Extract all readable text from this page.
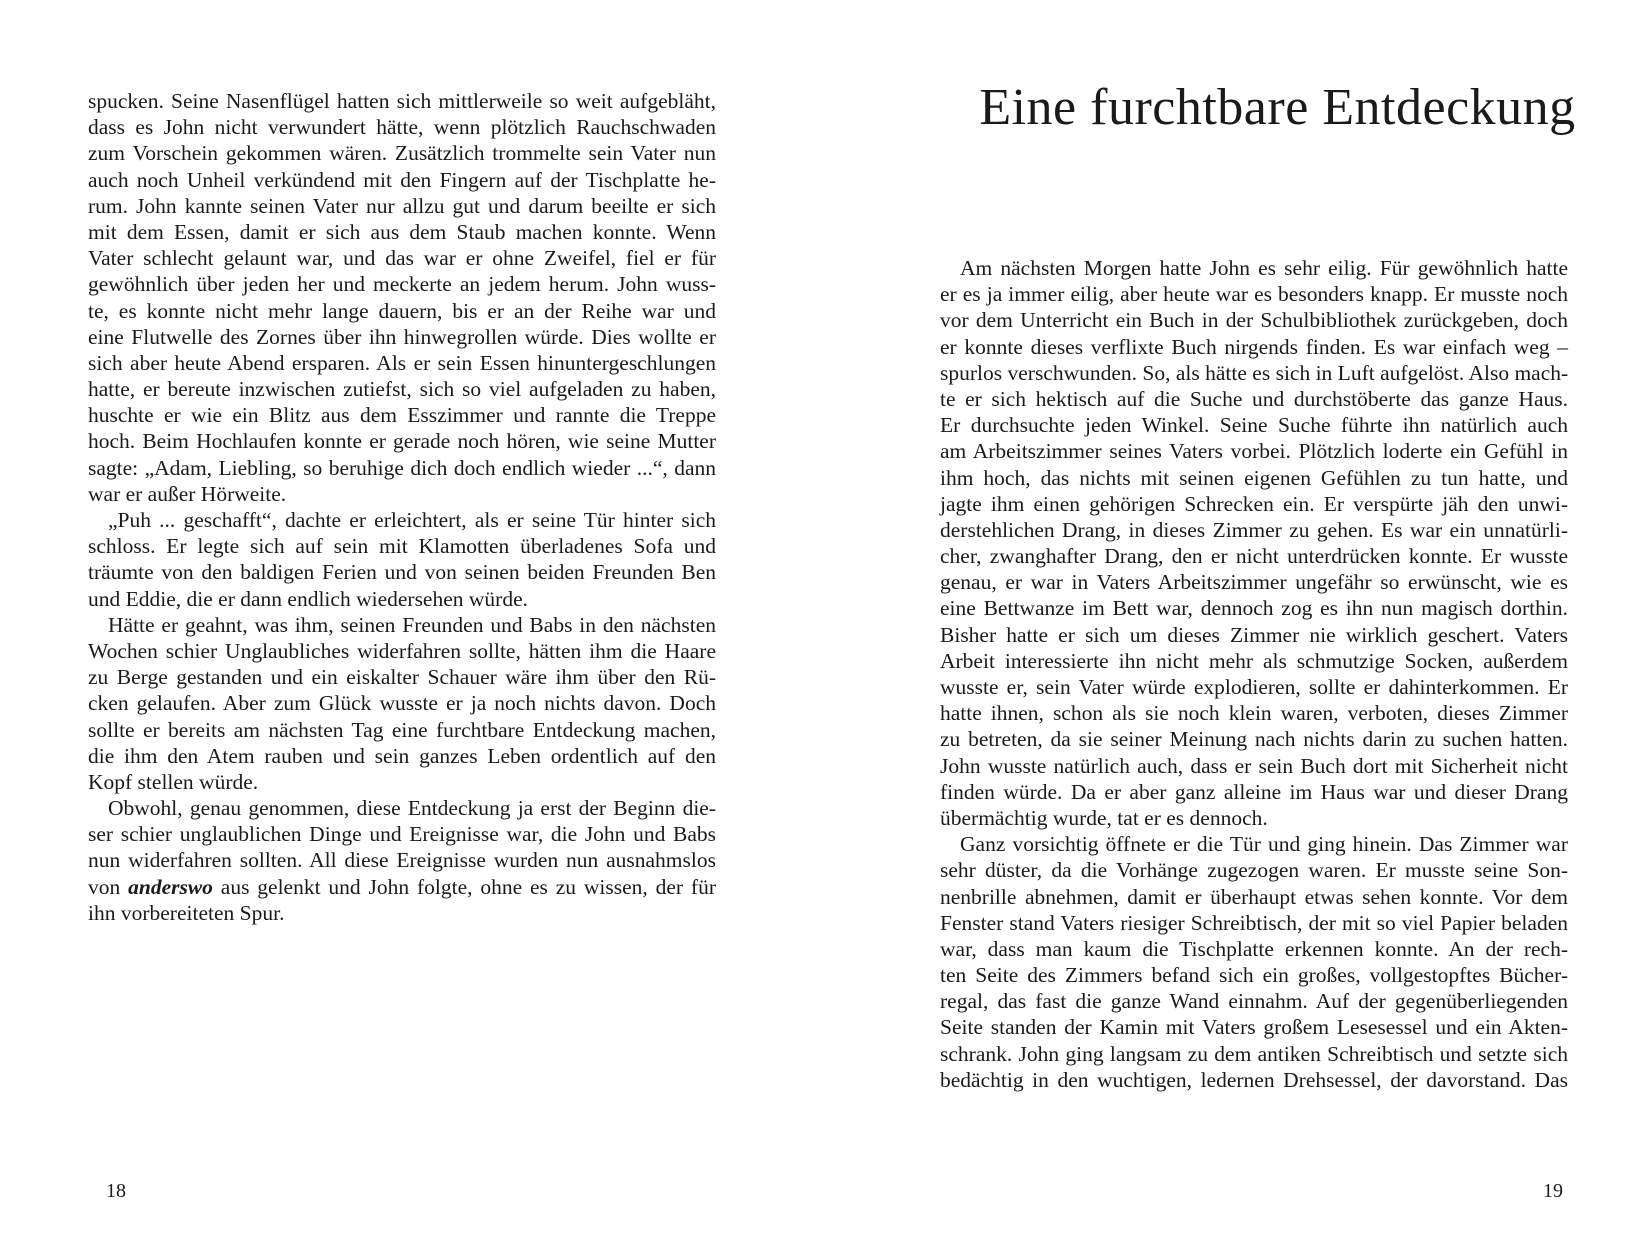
spucken. Seine Nasenflügel hatten sich mittlerweile so weit aufgebläht,
dass es John nicht verwundert hätte, wenn plötzlich Rauchschwaden
zum Vorschein gekommen wären. Zusätzlich trommelte sein Vater nun
auch noch Unheil verkündend mit den Fingern auf der Tischplatte he-
rum. John kannte seinen Vater nur allzu gut und darum beeilte er sich
mit dem Essen, damit er sich aus dem Staub machen konnte. Wenn
Vater schlecht gelaunt war, und das war er ohne Zweifel, fiel er für
gewöhnlich über jeden her und meckerte an jedem herum. John wuss-
te, es konnte nicht mehr lange dauern, bis er an der Reihe war und
eine Flutwelle des Zornes über ihn hinwegrollen würde. Dies wollte er
sich aber heute Abend ersparen. Als er sein Essen hinuntergeschlungen
hatte, er bereute inzwischen zutiefst, sich so viel aufgeladen zu haben,
huschte er wie ein Blitz aus dem Esszimmer und rannte die Treppe
hoch. Beim Hochlaufen konnte er gerade noch hören, wie seine Mutter
sagte: „Adam, Liebling, so beruhige dich doch endlich wieder ...“, dann
war er außer Hörweite.
„Puh ... geschafft“, dachte er erleichtert, als er seine Tür hinter sich
schloss. Er legte sich auf sein mit Klamotten überladenes Sofa und
träumte von den baldigen Ferien und von seinen beiden Freunden Ben
und Eddie, die er dann endlich wiedersehen würde.
Hätte er geahnt, was ihm, seinen Freunden und Babs in den nächsten
Wochen schier Unglaubliches widerfahren sollte, hätten ihm die Haare
zu Berge gestanden und ein eiskalter Schauer wäre ihm über den Rü-
cken gelaufen. Aber zum Glück wusste er ja noch nichts davon. Doch
sollte er bereits am nächsten Tag eine furchtbare Entdeckung machen,
die ihm den Atem rauben und sein ganzes Leben ordentlich auf den
Kopf stellen würde.
Obwohl, genau genommen, diese Entdeckung ja erst der Beginn die-
ser schier unglaublichen Dinge und Ereignisse war, die John und Babs
nun widerfahren sollten. All diese Ereignisse wurden nun ausnahmslos
von anderswo aus gelenkt und John folgte, ohne es zu wissen, der für
ihn vorbereiteten Spur.
18
Eine furchtbare Entdeckung
Am nächsten Morgen hatte John es sehr eilig. Für gewöhnlich hatte
er es ja immer eilig, aber heute war es besonders knapp. Er musste noch
vor dem Unterricht ein Buch in der Schulbibliothek zurückgeben, doch
er konnte dieses verflixte Buch nirgends finden. Es war einfach weg –
spurlos verschwunden. So, als hätte es sich in Luft aufgelöst. Also mach-
te er sich hektisch auf die Suche und durchstöberte das ganze Haus.
Er durchsuchte jeden Winkel. Seine Suche führte ihn natürlich auch
am Arbeitszimmer seines Vaters vorbei. Plötzlich loderte ein Gefühl in
ihm hoch, das nichts mit seinen eigenen Gefühlen zu tun hatte, und
jagte ihm einen gehörigen Schrecken ein. Er verspürte jäh den unwi-
derstehlichen Drang, in dieses Zimmer zu gehen. Es war ein unnatürli-
cher, zwanghafter Drang, den er nicht unterdrücken konnte. Er wusste
genau, er war in Vaters Arbeitszimmer ungefähr so erwünscht, wie es
eine Bettwanze im Bett war, dennoch zog es ihn nun magisch dorthin.
Bisher hatte er sich um dieses Zimmer nie wirklich geschert. Vaters
Arbeit interessierte ihn nicht mehr als schmutzige Socken, außerdem
wusste er, sein Vater würde explodieren, sollte er dahinterkommen. Er
hatte ihnen, schon als sie noch klein waren, verboten, dieses Zimmer
zu betreten, da sie seiner Meinung nach nichts darin zu suchen hatten.
John wusste natürlich auch, dass er sein Buch dort mit Sicherheit nicht
finden würde. Da er aber ganz alleine im Haus war und dieser Drang
übermächtig wurde, tat er es dennoch.
Ganz vorsichtig öffnete er die Tür und ging hinein. Das Zimmer war
sehr düster, da die Vorhänge zugezogen waren. Er musste seine Son-
nenbrille abnehmen, damit er überhaupt etwas sehen konnte. Vor dem
Fenster stand Vaters riesiger Schreibtisch, der mit so viel Papier beladen
war, dass man kaum die Tischplatte erkennen konnte. An der rech-
ten Seite des Zimmers befand sich ein großes, vollgestopftes Bücher-
regal, das fast die ganze Wand einnahm. Auf der gegenüberliegenden
Seite standen der Kamin mit Vaters großem Lesesessel und ein Akten-
schrank. John ging langsam zu dem antiken Schreibtisch und setzte sich
bedächtig in den wuchtigen, ledernen Drehsessel, der davorstand. Das
19
